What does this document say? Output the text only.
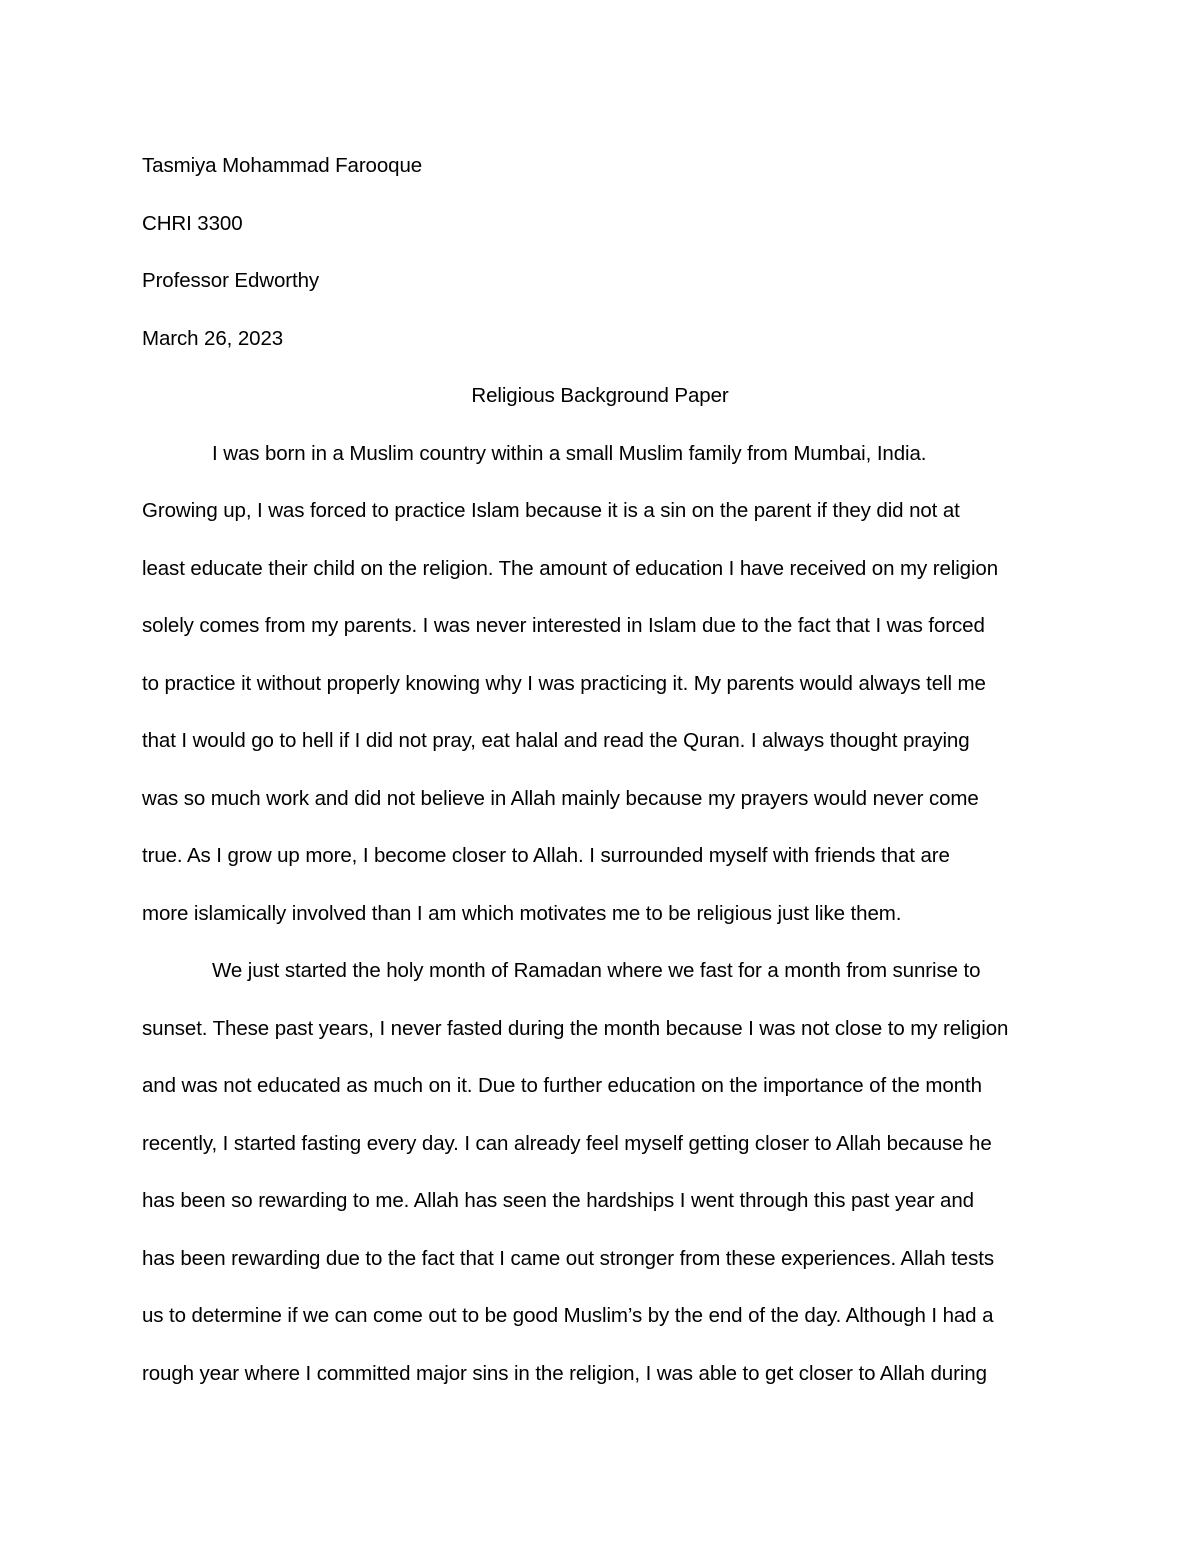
Tasmiya Mohammad Farooque

CHRI 3300

Professor Edworthy

March 26, 2023

Religious Background Paper

I was born in a Muslim country within a small Muslim family from Mumbai, India.
Growing up, I was forced to practice Islam because it is a sin on the parent if they did not at
least educate their child on the religion. The amount of education I have received on my religion
solely comes from my parents. I was never interested in Islam due to the fact that I was forced
to practice it without properly knowing why I was practicing it. My parents would always tell me
that I would go to hell if I did not pray, eat halal and read the Quran. I always thought praying
was so much work and did not believe in Allah mainly because my prayers would never come
true. As I grow up more, I become closer to Allah. I surrounded myself with friends that are
more islamically involved than I am which motivates me to be religious just like them.
We just started the holy month of Ramadan where we fast for a month from sunrise to
sunset. These past years, I never fasted during the month because I was not close to my religion
and was not educated as much on it. Due to further education on the importance of the month
recently, I started fasting every day. I can already feel myself getting closer to Allah because he
has been so rewarding to me. Allah has seen the hardships I went through this past year and
has been rewarding due to the fact that I came out stronger from these experiences. Allah tests
us to determine if we can come out to be good Muslim’s by the end of the day. Although I had a
rough year where I committed major sins in the religion, I was able to get closer to Allah during
